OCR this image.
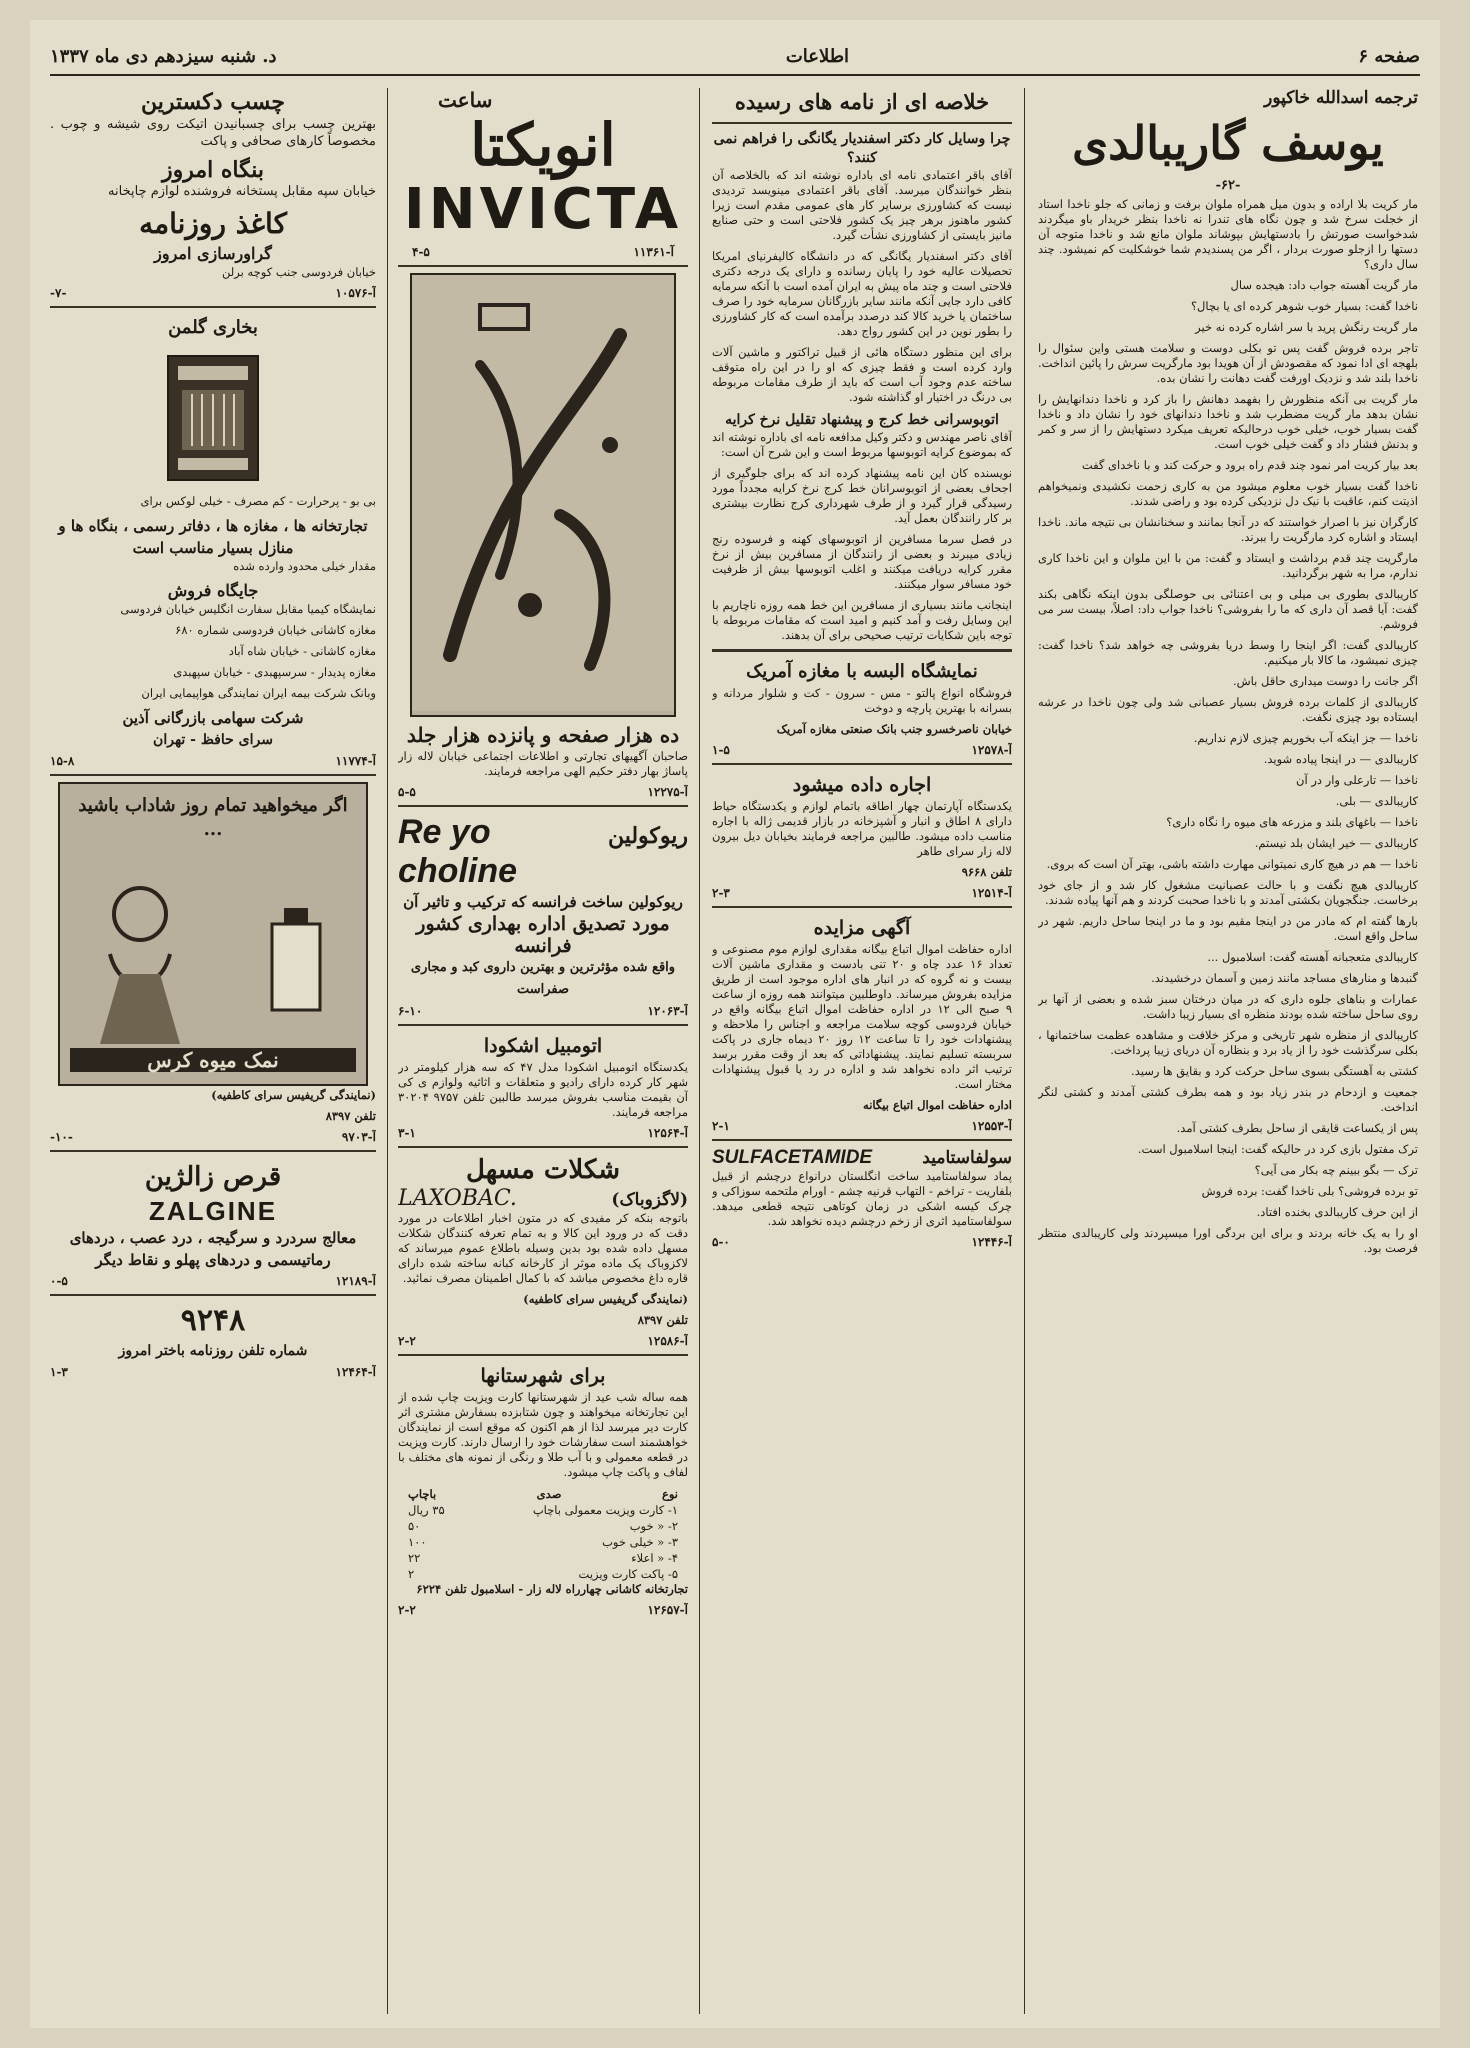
صفحه ۶
اطلاعات
د. شنبه سیزدهم دی ماه ۱۳۳۷
ترجمه اسدالله خاکپور
یوسف گاریبالدی
-۶۲-

مار کریت بلا اراده و بدون میل همراه ملوان برفت و زمانی که جلو ناخدا استاد از خجلت سرخ شد و چون نگاه های تندرا نه ناخدا بنظر خریدار باو میگردند شدخواست صورتش را بادستهایش بپوشاند ملوان مانع شد و ناخدا متوجه آن دستها را ازجلو صورت بردار ، اگر من پسندیدم شما خوشکلیت کم نمیشود. چند سال داری؟

مار گریت آهسته جواب داد: هیجده سال

ناخدا گفت: بسیار خوب شوهر کرده ای یا بچال؟

مار گریت رنگش پرید با سر اشاره کرده نه خیر

تاجر برده فروش گفت پس تو بکلی دوست و سلامت هستی واین سئوال را بلهجه ای ادا نمود که مقصودش از آن هویدا بود مارگریت سرش را پائین انداخت. ناخدا بلند شد و نزدیک اورفت گفت دهانت را نشان بده.

مار گریت بی آنکه منظورش را بفهمد دهانش را باز کرد و ناخدا دندانهایش را نشان بدهد مار گریت مضطرب شد و ناخدا دندانهای خود را نشان داد و ناخدا گفت بسیار خوب، خیلی خوب درحالیکه تعریف میکرد دستهایش را از سر و کمر و بدنش فشار داد و گفت خیلی خوب است.

بعد بیار کریت امر نمود چند قدم راه برود و حرکت کند و با ناخدای گفت

ناخدا گفت بسیار خوب معلوم میشود من به کاری زحمت نکشیدی ونمیخواهم اذیتت کنم، عاقبت با نیک دل نزدیکی کرده بود و راضی شدند.

کارگران نیز با اصرار خواستند که در آنجا بمانند و سخنانشان بی نتیجه ماند. ناخدا ایستاد و اشاره کرد مارگریت را ببرند.

مارگریت چند قدم برداشت و ایستاد و گفت: من با این ملوان و این ناخدا کاری ندارم، مرا به شهر برگردانید.

کاریبالدی بطوری بی میلی و بی اعتنائی بی حوصلگی بدون اینکه نگاهی بکند گفت: آیا قصد آن داری که ما را بفروشی؟ ناخدا جواب داد: اصلاً، بیست سر می فروشم.

کاریبالدی گفت: اگر اینجا را وسط دریا بفروشی چه خواهد شد؟ ناخدا گفت: چیزی نمیشود، ما کالا بار میکنیم.

اگر جانت را دوست میداری حاقل باش.

کاریبالدی از کلمات برده فروش بسیار عصبانی شد ولی چون ناخدا در عرشه ایستاده بود چیزی نگفت.

ناخدا — جز اینکه آب بخوریم چیزی لازم نداریم.

کاریبالدی — در اینجا پیاده شوید.

ناخدا — تارعلی وار در آن

کاریبالدی — بلی.

ناخدا — باغهای بلند و مزرعه های میوه را نگاه داری؟

کاریبالدی — خیر ایشان بلد نیستم.

ناخدا — هم در هیچ کاری نمیتوانی مهارت داشته باشی، بهتر آن است که بروی.

کاریبالدی هیچ نگفت و با حالت عصبانیت مشغول کار شد و از جای خود برخاست. جنگجویان بکشتی آمدند و با ناخدا صحبت کردند و هم آنها پیاده شدند.

بارها گفته ام که مادر من در اینجا مقیم بود و ما در اینجا ساحل داریم. شهر در ساحل واقع است.

کاریبالدی متعجبانه آهسته گفت: اسلامبول ...

گنبدها و منارهای مساجد مانند زمین و آسمان درخشیدند.

عمارات و بناهای جلوه داری که در میان درختان سبز شده و بعضی از آنها بر روی ساحل ساخته شده بودند منظره ای بسیار زیبا داشت.

کاریبالدی از منظره شهر تاریخی و مرکز خلافت و مشاهده عظمت ساختمانها ، بکلی سرگذشت خود را از یاد برد و بنظاره آن دریای زیبا پرداخت.

کشتی به آهستگی بسوی ساحل حرکت کرد و بقایق ها رسید.

جمعیت و ازدحام در بندر زیاد بود و همه بطرف کشتی آمدند و کشتی لنگر انداخت.

پس از یکساعت قایقی از ساحل بطرف کشتی آمد.

ترک مفتول بازی کرد در حالیکه گفت: اینجا اسلامبول است.

ترک — بگو ببینم چه بکار می آیی؟

تو برده فروشی؟ بلی ناخدا گفت: برده فروش

از این حرف کاریبالدی بخنده افتاد.

او را به یک خانه بردند و برای این بردگی اورا میسپردند ولی کاریبالدی منتظر فرصت بود.

خلاصه ای از نامه های رسیده
چرا وسایل کار دکتر اسفندیار یگانگی را فراهم نمی کنند؟

آقای باقر اعتمادی نامه ای باداره نوشته اند که بالخلاصه آن بنظر خوانندگان میرسد. آقای باقر اعتمادی مینویسد تردیدی نیست که کشاورزی برسایر کار های عمومی مقدم است زیرا کشور ماهنوز برهر چیز یک کشور فلاحتی است و حتی صنایع مانیز بایستی از کشاورزی نشأت گیرد.

آقای دکتر اسفندیار یگانگی که در دانشگاه کالیفرنیای امریکا تحصیلات عالیه خود را پایان رسانده و دارای یک درجه دکتری فلاحتی است و چند ماه پیش به ایران آمده است با آنکه سرمایه کافی دارد جایی آنکه مانند سایر بازرگانان سرمایه خود را صرف ساختمان یا خرید کالا کند درصدد برآمده است که کار کشاورزی را بطور نوین در این کشور رواج دهد.

برای این منظور دستگاه هائی از قبیل تراکتور و ماشین آلات وارد کرده است و فقط چیزی که او را در این راه متوقف ساخته عدم وجود آب است که باید از طرف مقامات مربوطه بی درنگ در اختیار او گذاشته شود.

اتوبوسرانی خط کرج و پیشنهاد تقلیل نرخ کرایه

آقای ناصر مهندس و دکتر وکیل مدافعه نامه ای باداره نوشته اند که بموضوع کرایه اتوبوسها مربوط است و این شرح آن است:

نویسنده کان این نامه پیشنهاد کرده اند که برای جلوگیری از اجحاف بعضی از اتوبوسرانان خط کرج نرخ کرایه مجدداً مورد رسیدگی قرار گیرد و از طرف شهرداری کرج نظارت بیشتری بر کار رانندگان بعمل آید.

در فصل سرما مسافرین از اتوبوسهای کهنه و فرسوده رنج زیادی میبرند و بعضی از رانندگان از مسافرین بیش از نرخ مقرر کرایه دریافت میکنند و اغلب اتوبوسها بیش از ظرفیت خود مسافر سوار میکنند.

اینجانب مانند بسیاری از مسافرین این خط همه روزه ناچاریم با این وسایل رفت و آمد کنیم و امید است که مقامات مربوطه با توجه باین شکایات ترتیب صحیحی برای آن بدهند.

نمایشگاه البسه با مغازه آمریک

فروشگاه انواع پالتو - مس - سرون - کت و شلوار مردانه و بسرانه با بهترین پارچه و دوخت

خیابان ناصرخسرو جنب بانک صنعتی مغازه آمریک

آ-۱۲۵۷۸
۱-۵
اجاره داده میشود

یکدستگاه آپارتمان چهار اطاقه باتمام لوازم و یکدستگاه حیاط دارای ۸ اطاق و انبار و آشپزخانه در بازار قدیمی ژاله با اجاره مناسب داده میشود. طالبین مراجعه فرمایند بخیابان دیل بیرون لاله زار سرای طاهر

تلفن ۹۶۶۸

آ-۱۲۵۱۴
۲-۳
آگهی مزایده

اداره حفاظت اموال اتباع بیگانه مقداری لوازم موم مصنوعی و تعداد ۱۶ عدد چاه و ۲۰ تنی بادست و مقداری ماشین آلات بیست و نه گروه که در انبار های اداره موجود است از طریق مزایده بفروش میرساند. داوطلبین میتوانند همه روزه از ساعت ۹ صبح الی ۱۲ در اداره حفاظت اموال اتباع بیگانه واقع در خیابان فردوسی کوچه سلامت مراجعه و اجناس را ملاحظه و پیشنهادات خود را تا ساعت ۱۲ روز ۲۰ دیماه جاری در پاکت سربسته تسلیم نمایند. پیشنهاداتی که بعد از وقت مقرر برسد ترتیب اثر داده نخواهد شد و اداره در رد یا قبول پیشنهادات مختار است.

اداره حفاظت اموال اتباع بیگانه

آ-۱۲۵۵۳
۲-۱
سولفاستامید
SULFACETAMIDE

پماد سولفاستامید ساخت انگلستان درانواع درچشم از قبیل بلفاریت - تراخم - التهاب قرنیه چشم - اورام ملتحمه سوزاکی و چرک کیسه اشکی در زمان کوتاهی نتیجه قطعی میدهد. سولفاستامید اثری از زخم درچشم دیده نخواهد شد.

آ-۱۲۴۴۶
۵-۰
ساعت
انویکتا
INVICTA
آ-۱۱۳۶۱
۴-۵
ده هزار صفحه و پانزده هزار جلد

صاحبان آگهیهای تجارتی و اطلاعات اجتماعی خیابان لاله زار پاساژ بهار دفتر حکیم الهی مراجعه فرمایند.

آ-۱۲۲۷۵
۵-۵
ریوکولین
Re yo choline
ریوکولین ساخت فرانسه که ترکیب و تاثیر آن
مورد تصدیق اداره بهداری کشور فرانسه
واقع شده مؤثرترین و بهترین داروی کبد و مجاری صفراست
آ-۱۲۰۶۳
۶-۱۰
اتومبیل اشکودا

یکدستگاه اتومبیل اشکودا مدل ۴۷ که سه هزار کیلومتر در شهر کار کرده دارای رادیو و متعلقات و اثاثیه ولوازم ی کی آن بقیمت مناسب بفروش میرسد طالبین تلفن ۹۷۵۷ ۳۰۲۰۴ مراجعه فرمایند.

آ-۱۲۵۶۴
۳-۱
شکلات مسهل
(لاگزوباک)
LAXOBAC.

باتوجه بنکه کر مفیدی که در متون اخبار اطلاعات در مورد دقت که در ورود این کالا و به تمام تعرفه کنندگان شکلات مسهل داده شده بود بدین وسیله باطلاع عموم میرساند که لاکزوباک یک ماده موثر از کارخانه کبانه ساخته شده دارای قاره داغ مخصوص میاشد که با کمال اطمینان مصرف نمائید.

(نمایندگی گریفیس سرای کاطفیه)

تلفن ۸۳۹۷

آ-۱۲۵۸۶
۲-۲
برای شهرستانها

همه ساله شب عید از شهرستانها کارت ویزیت چاپ شده از این تجارتخانه میخواهند و چون شتابزده بسفارش مشتری اثر کارت دیر میرسد لذا از هم اکنون که موقع است از نمایندگان خواهشمند است سفارشات خود را ارسال دارند. کارت ویزیت در قطعه معمولی و با آب طلا و رنگی از نمونه های مختلف با لفاف و پاکت چاپ میشود.

نوع
صدی
باچاپ
۱- کارت ویزیت معمولی باچاپ
۳۵ ریال
۲- « خوب
۵۰
۳- « خیلی خوب
۱۰۰
۴- « اعلاء
۲۲
۵- پاکت کارت ویزیت
۲

تجارتخانه کاشانی چهارراه لاله زار - اسلامبول تلفن ۶۲۲۴

آ-۱۲۶۵۷
۲-۲
چسب دکسترین

بهترین چسب برای چسبانیدن اتیکت روی شیشه و چوب . مخصوصاً کارهای صحافی و پاکت

بنگاه امروز

خیابان سپه مقابل پستخانه فروشنده لوازم چاپخانه

کاغذ روزنامه
گراورسازی امروز

خیابان فردوسی جنب کوچه برلن

آ-۱۰۵۷۶
-۷-
بخاری گلمن

بی بو - پرحرارت - کم مصرف - خیلی لوکس برای

تجارتخانه ها ، مغازه ها ، دفاتر رسمی ، بنگاه ها و منازل بسیار مناسب است

مقدار خیلی محدود وارده شده

جایگاه فروش

نمایشگاه کیمیا مقابل سفارت انگلیس خیابان فردوسی

مغازه کاشانی خیابان فردوسی شماره ۶۸۰

مغازه کاشانی - خیابان شاه آباد

مغازه پدیدار - سرسپهبدی - خیابان سپهبدی

وبانک شرکت بیمه ایران نمایندگی هواپیمایی ایران

شرکت سهامی بازرگانی آذین
سرای حافظ - تهران
آ-۱۱۷۷۴
۱۵-۸
اگر میخواهید تمام روز شاداب باشید ...
نمک میوه کرس

(نمایندگی گریفیس سرای کاطفیه)

تلفن ۸۳۹۷

آ-۹۷۰۳
-۱۰-
قرص زالژین
ZALGINE
معالج سردرد و سرگیجه ، درد عصب ، دردهای رماتیسمی و دردهای پهلو و نقاط دیگر
آ-۱۲۱۸۹
۰-۵
۹۲۴۸
شماره تلفن روزنامه باختر امروز
آ-۱۲۴۶۴
۱-۳
